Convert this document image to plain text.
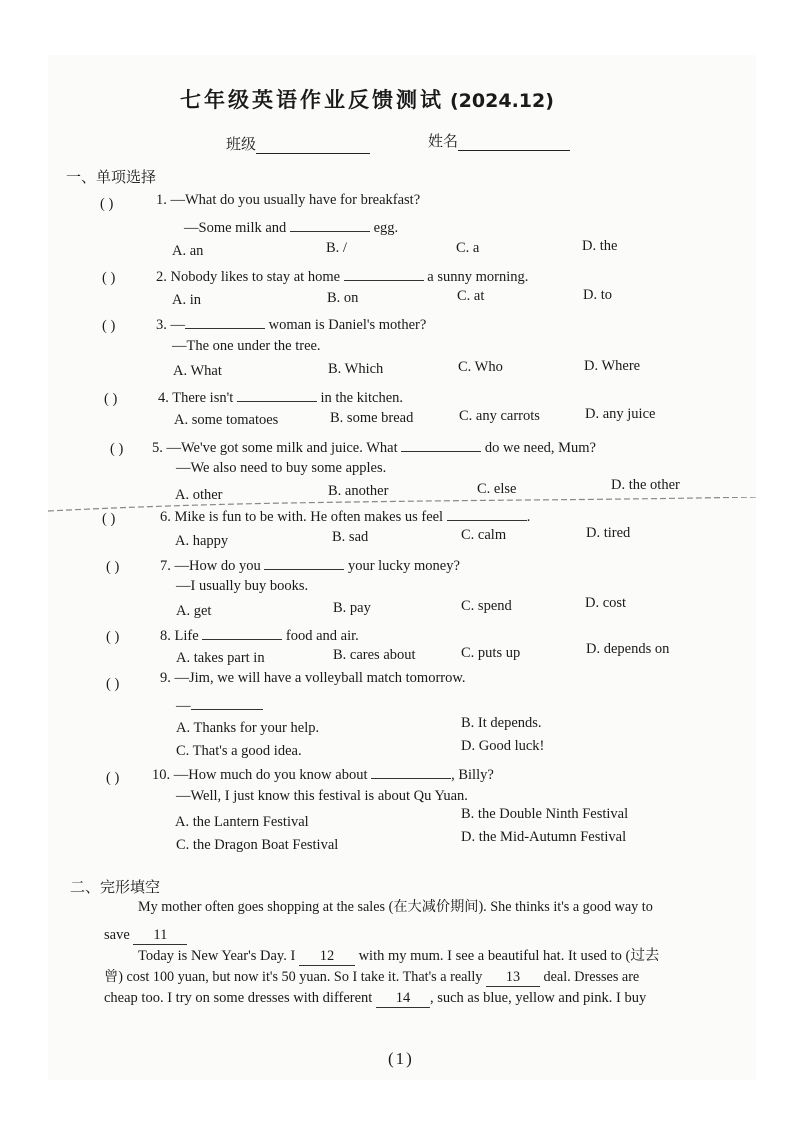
七年级英语作业反馈测试 (2024.12)
班级	姓名
一、单项选择
( )	1. —What do you usually have for breakfast?
—Some milk and	egg.
A. an	B. /	C. a	D. the
( )	2. Nobody likes to stay at home	a sunny morning.
A. in	B. on	C. at	D. to
( )	3. —	woman is Daniel's mother?
—The one under the tree.
A. What	B. Which	C. Who	D. Where
( )	4. There isn't	in the kitchen.
A. some tomatoes	B. some bread	C. any carrots	D. any juice
( ) 5. —We've got some milk and juice. What	do we need, Mum?
—We also need to buy some apples.
A. other	B. another	C. else	D. the other
( )	6. Mike is fun to be with. He often makes us feel	.
A. happy	B. sad	C. calm	D. tired
( )	7. —How do you	your lucky money?
—I usually buy books.
A. get	B. pay	C. spend	D. cost
( )	8. Life	food and air.
A. takes part in	B. cares about	C. puts up	D. depends on
( )	9. —Jim, we will have a volleyball match tomorrow.
—
A. Thanks for your help.	B. It depends.
C. That's a good idea.	D. Good luck!
( ) 10. —How much do you know about	, Billy?
—Well, I just know this festival is about Qu Yuan.
A. the Lantern Festival	B. the Double Ninth Festival
C. the Dragon Boat Festival	D. the Mid-Autumn Festival
二、完形填空
My mother often goes shopping at the sales (在大减价期间). She thinks it's a good way to
save 11
Today is New Year's Day. I 12 with my mum. I see a beautiful hat. It used to (过去
曾) cost 100 yuan, but now it's 50 yuan. So I take it. That's a really 13 deal. Dresses are
cheap too. I try on some dresses with different 14 , such as blue, yellow and pink. I buy
(1)
